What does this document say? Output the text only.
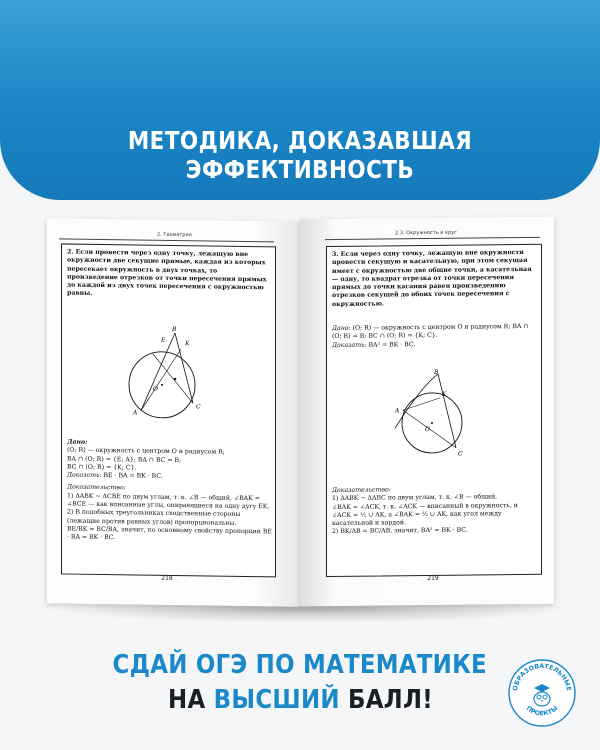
МЕТОДИКА, ДОКАЗАВШАЯ ЭФФЕКТИВНОСТЬ
2. Геометрия
2. Если провести через одну точку, лежащую вне окружности две секущие прямые, каждая из которых пересекает окружность в двух точках, то произведение отрезков от точки пересечения прямых до каждой из двух точек пересечения с окружностью равны.
E	K
B
O
A
C

Дано:

(O; R) — окружность с центром O и радиусом R;

BA ∩ (O; R) = {E; A}; BA ∩ BC = B;

BC ∩ (O; R) = {K; C}.

Доказать: BE · BA = BK · BC.

Доказательство:

1) ΔABK ~ ΔCBE по двум углам, т. к. ∠B — общий, ∠BAK = ∠BCE — как вписанные углы, опирающиеся на одну дугу EK.

2) В подобных треугольниках сходственные стороны (лежащие против равных углов) пропорциональны.

BE/BK = BC/BA, значит, по основному свойству пропорции BE · BA = BK · BC.

218
2.3. Окружность и круг
3. Если через одну точку, лежащую вне окружности провести секущую и касательную, при этом секущая имеет с окружностью две общие точки, а касательная — одну, то квадрат отрезка от точки пересечения прямых до точки касания равен произведению отрезков секущей до обоих точек пересечения с окружностью.

Дано: (O; R) — окружность с центром O и радиусом R; BA ∩ (O; R) = B; BC ∩ (O; R) = {K; C}.

Доказать: BA² = BK · BC.

B
K
A
O
C

Доказательство:

1) ΔABK ~ ΔABC по двум углам, т. к. ∠B — общий,

∠BAK = ∠ACK, т. к. ∠ACK — вписанный в окружность, и ∠ACK = ½ ∪ AK, а ∠BAK = ½ ∪ AK, как угол между касательной и хордой.

2) BK/AB = BC/AB, значит, BA² = BK · BC.

219
СДАЙ ОГЭ ПО МАТЕМАТИКЕ
НА ВЫСШИЙ БАЛЛ!	ОБРАЗОВАТЕЛЬНЫЕ
ПРОЕКТЫ
